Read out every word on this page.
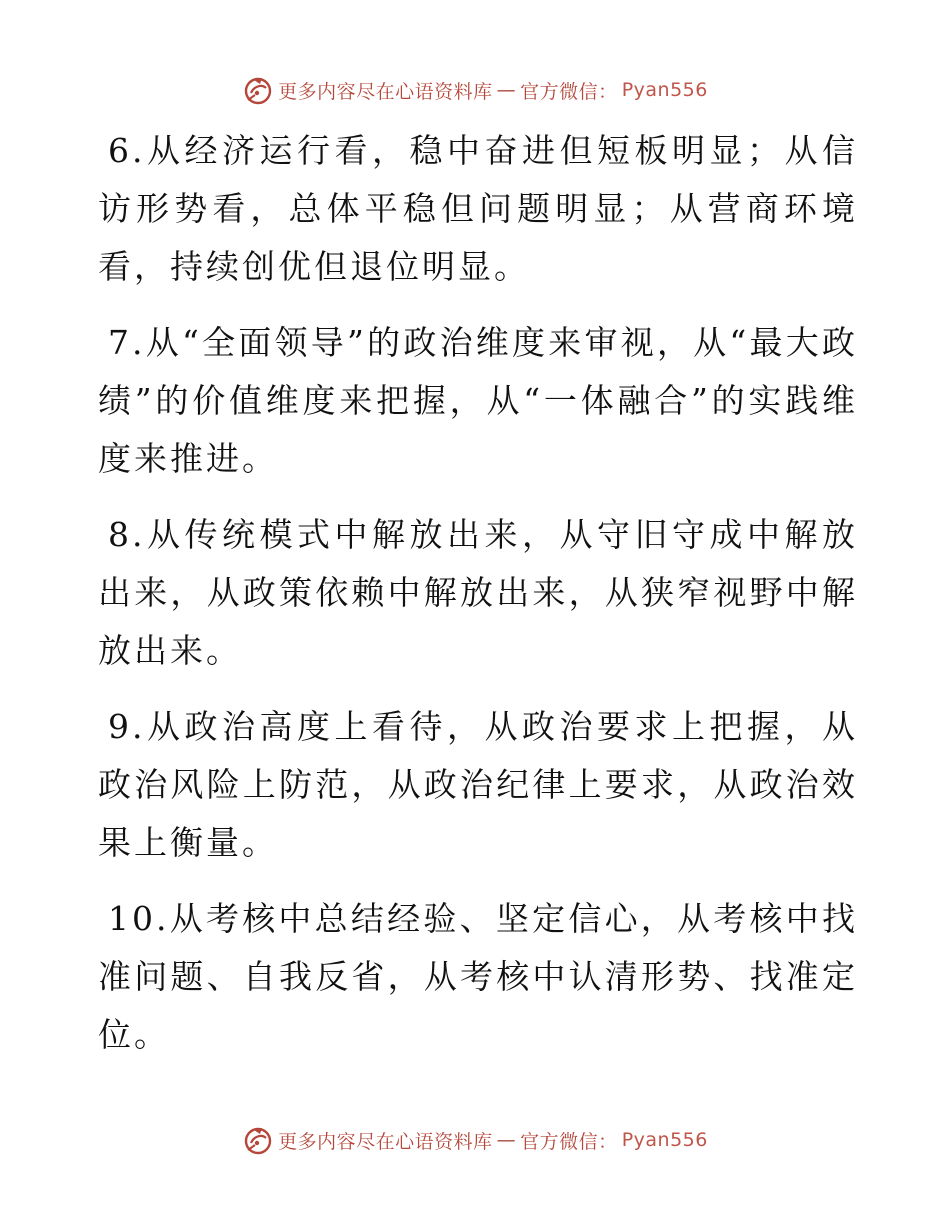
更多内容尽在心语资料库 — 官方微信： Pyan556

6.从经济运行看，稳中奋进但短板明显；从信访形势看，总体平稳但问题明显；从营商环境看，持续创优但退位明显。

7.从“全面领导”的政治维度来审视，从“最大政绩”的价值维度来把握，从“一体融合”的实践维度来推进。

8.从传统模式中解放出来，从守旧守成中解放出来，从政策依赖中解放出来，从狭窄视野中解放出来。

9.从政治高度上看待，从政治要求上把握，从政治风险上防范，从政治纪律上要求，从政治效果上衡量。

10.从考核中总结经验、坚定信心，从考核中找准问题、自我反省，从考核中认清形势、找准定位。

更多内容尽在心语资料库 — 官方微信： Pyan556
